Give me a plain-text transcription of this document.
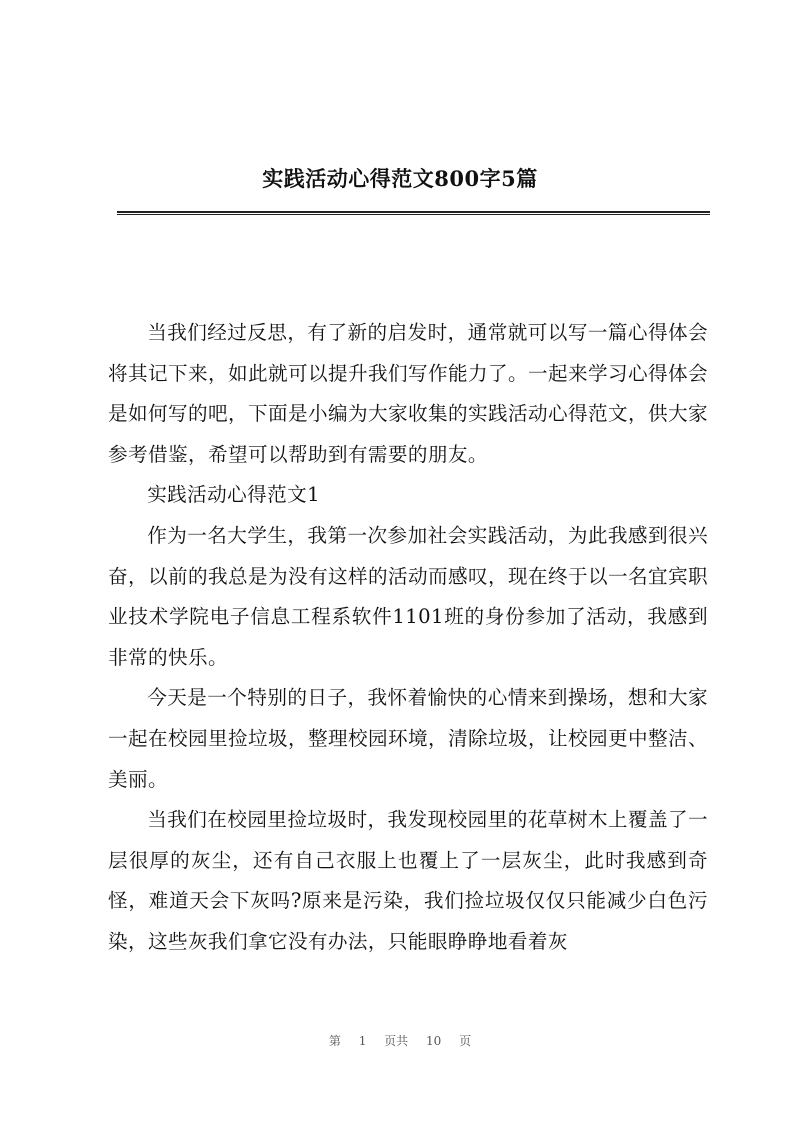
实践活动心得范文800字5篇

当我们经过反思，有了新的启发时，通常就可以写一篇心得体会将其记下来，如此就可以提升我们写作能力了。一起来学习心得体会是如何写的吧，下面是小编为大家收集的实践活动心得范文，供大家参考借鉴，希望可以帮助到有需要的朋友。

实践活动心得范文1

作为一名大学生，我第一次参加社会实践活动，为此我感到很兴奋，以前的我总是为没有这样的活动而感叹，现在终于以一名宜宾职业技术学院电子信息工程系软件1101班的身份参加了活动，我感到非常的快乐。

今天是一个特别的日子，我怀着愉快的心情来到操场，想和大家一起在校园里捡垃圾，整理校园环境，清除垃圾，让校园更中整洁、美丽。

当我们在校园里捡垃圾时，我发现校园里的花草树木上覆盖了一层很厚的灰尘，还有自己衣服上也覆上了一层灰尘，此时我感到奇怪，难道天会下灰吗?原来是污染，我们捡垃圾仅仅只能减少白色污染，这些灰我们拿它没有办法，只能眼睁睁地看着灰

第 1 页共 10 页
